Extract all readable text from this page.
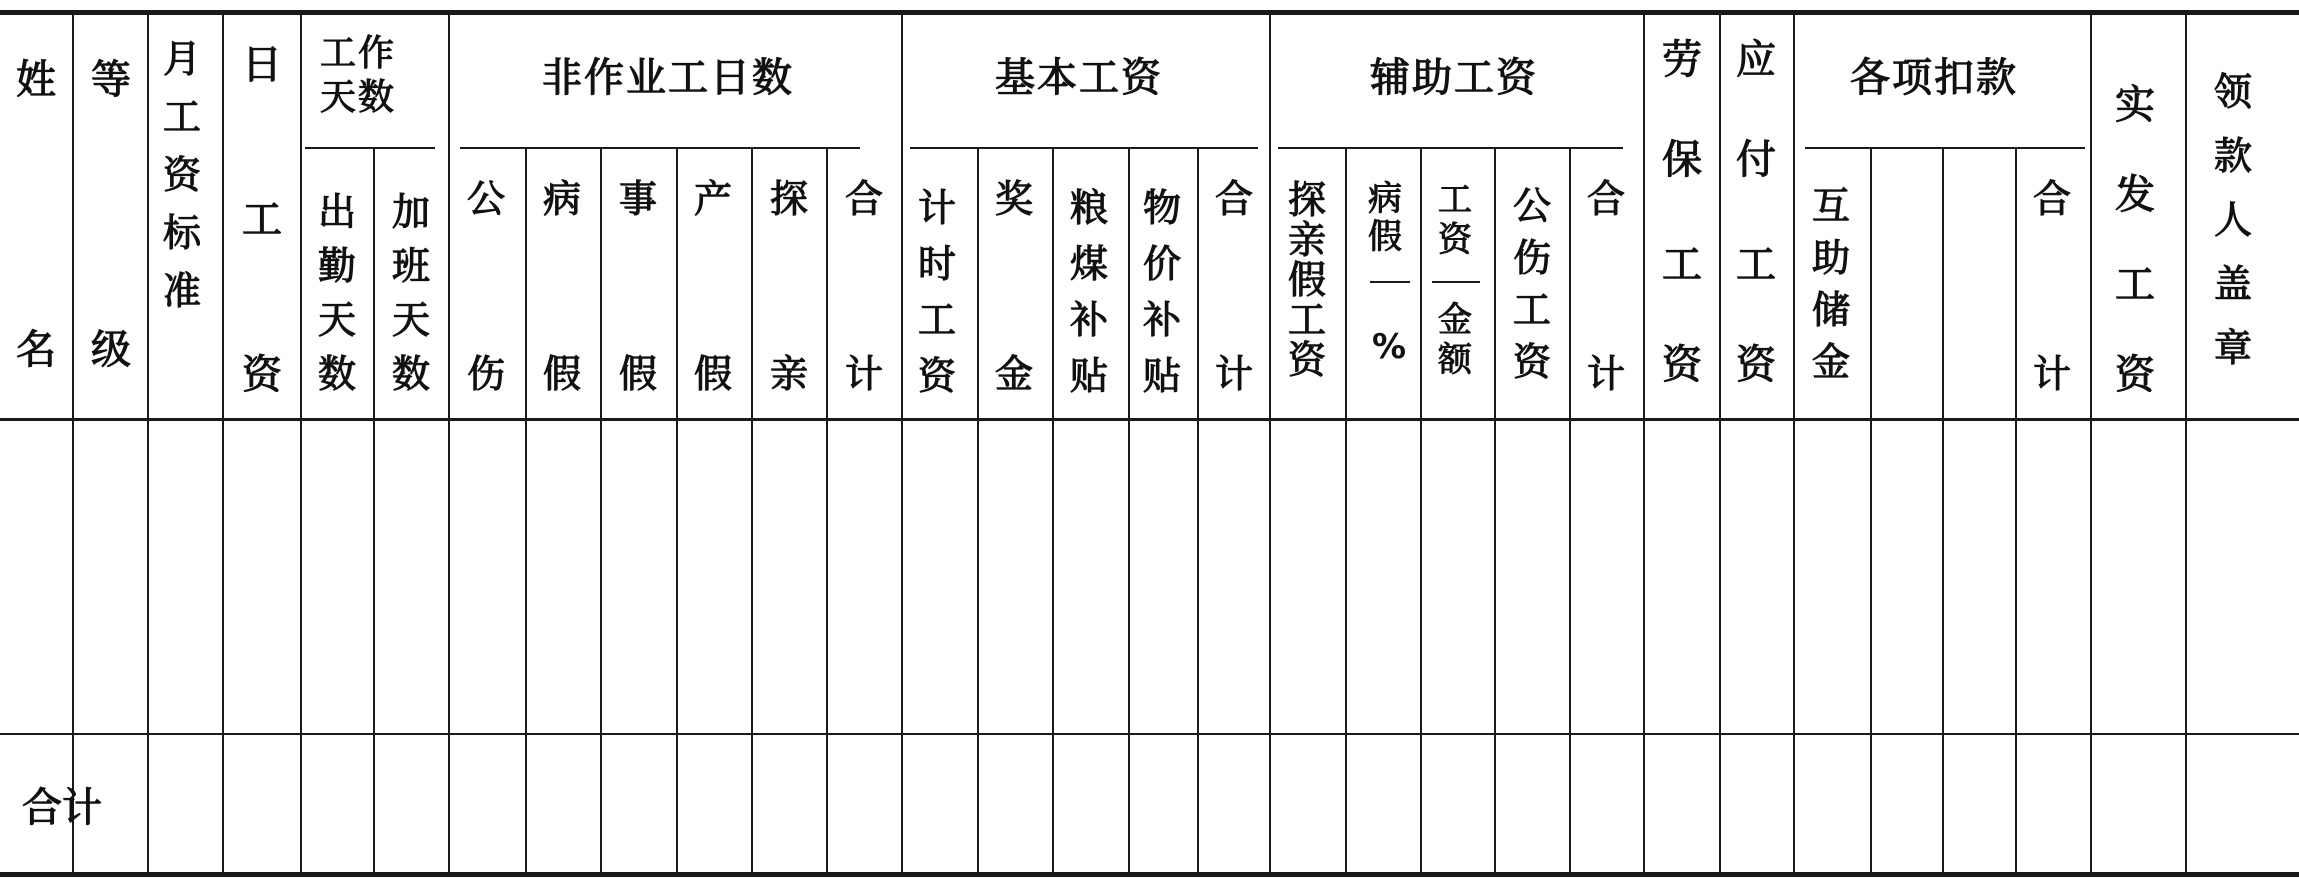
姓
名
等
级
月工资标准
日
工
资
工作天数
出勤天数
加班天数
非作业工日数
公
伤
病
假
事
假
产
假
探
亲
合
计
基本工资
计时工资
奖
金
粮煤补贴
物价补贴
合
计
辅助工资
探亲假工资
病假
%
工资
金额
公伤工资
合
计
劳
保
工
资
应
付
工
资
各项扣款
互助储金
合
计
实发工资
领款人盖章
合计
